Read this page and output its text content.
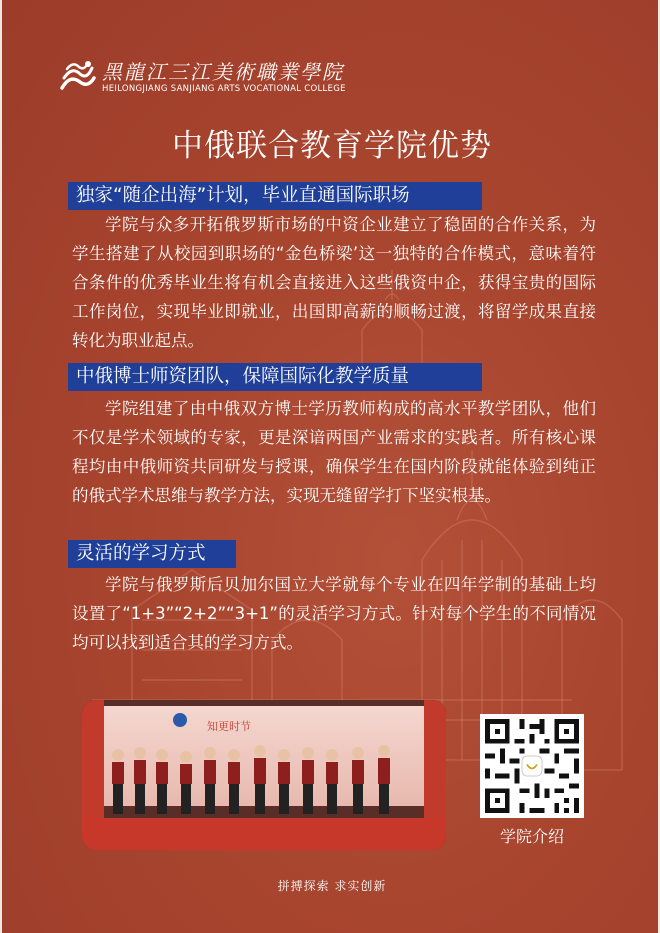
黑龍江三江美術職業學院
HEILONGJIANG SANJIANG ARTS VOCATIONAL COLLEGE
中俄联合教育学院优势
独家“随企出海”计划，毕业直通国际职场

学院与众多开拓俄罗斯市场的中资企业建立了稳固的合作关系，为学生搭建了从校园到职场的“金色桥梁’这一独特的合作模式，意味着符合条件的优秀毕业生将有机会直接进入这些俄资中企，获得宝贵的国际工作岗位，实现毕业即就业，出国即高薪的顺畅过渡，将留学成果直接转化为职业起点。

中俄博士师资团队，保障国际化教学质量

学院组建了由中俄双方博士学历教师构成的高水平教学团队，他们不仅是学术领域的专家，更是深谙两国产业需求的实践者。所有核心课程均由中俄师资共同研发与授课，确保学生在国内阶段就能体验到纯正的俄式学术思维与教学方法，实现无缝留学打下坚实根基。

灵活的学习方式

学院与俄罗斯后贝加尔国立大学就每个专业在四年学制的基础上均设置了“1+3”“2+2”“3+1”的灵活学习方式。针对每个学生的不同情况均可以找到适合其的学习方式。

知更时节
学院介绍
拼搏探索 求实创新
